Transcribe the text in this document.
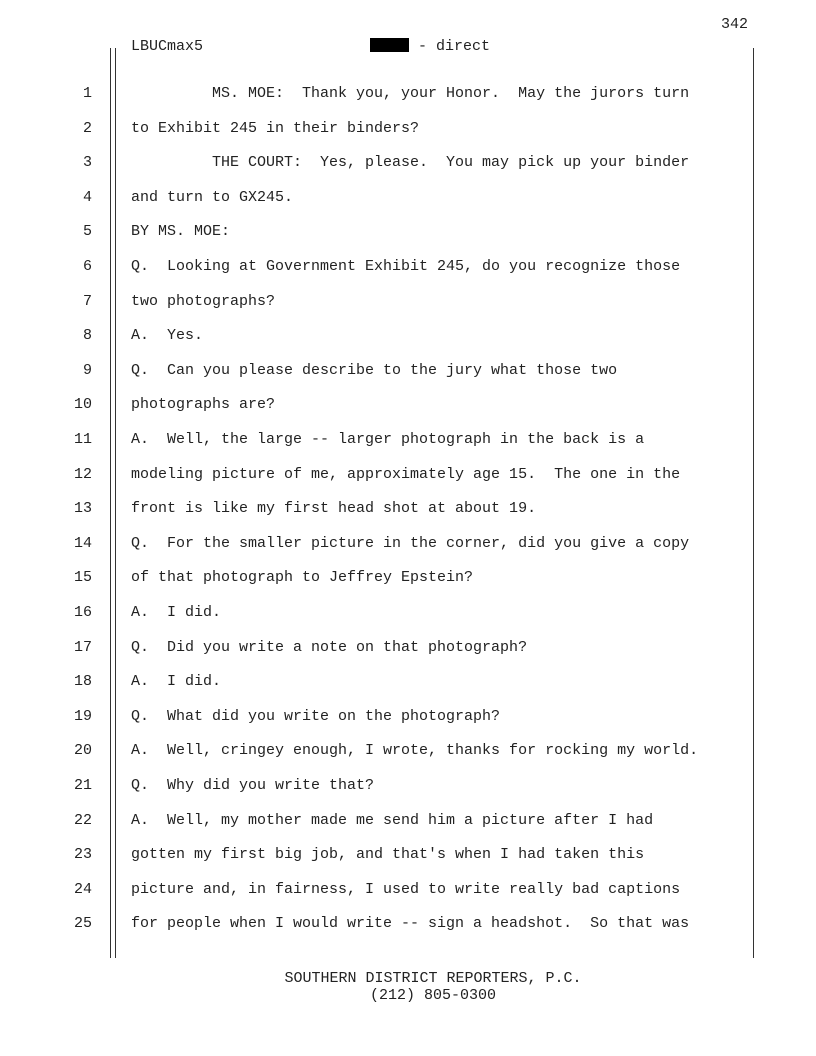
342
LBUCmax5	- direct
1	MS. MOE:  Thank you, your Honor.  May the jurors turn
2	to Exhibit 245 in their binders?
3	THE COURT:  Yes, please.  You may pick up your binder
4	and turn to GX245.
5	BY MS. MOE:
6	Q.  Looking at Government Exhibit 245, do you recognize those
7	two photographs?
8	A.  Yes.
9	Q.  Can you please describe to the jury what those two
10	photographs are?
11	A.  Well, the large -- larger photograph in the back is a
12	modeling picture of me, approximately age 15.  The one in the
13	front is like my first head shot at about 19.
14	Q.  For the smaller picture in the corner, did you give a copy
15	of that photograph to Jeffrey Epstein?
16	A.  I did.
17	Q.  Did you write a note on that photograph?
18	A.  I did.
19	Q.  What did you write on the photograph?
20	A.  Well, cringey enough, I wrote, thanks for rocking my world.
21	Q.  Why did you write that?
22	A.  Well, my mother made me send him a picture after I had
23	gotten my first big job, and that's when I had taken this
24	picture and, in fairness, I used to write really bad captions
25	for people when I would write -- sign a headshot.  So that was
SOUTHERN DISTRICT REPORTERS, P.C.
(212) 805-0300
